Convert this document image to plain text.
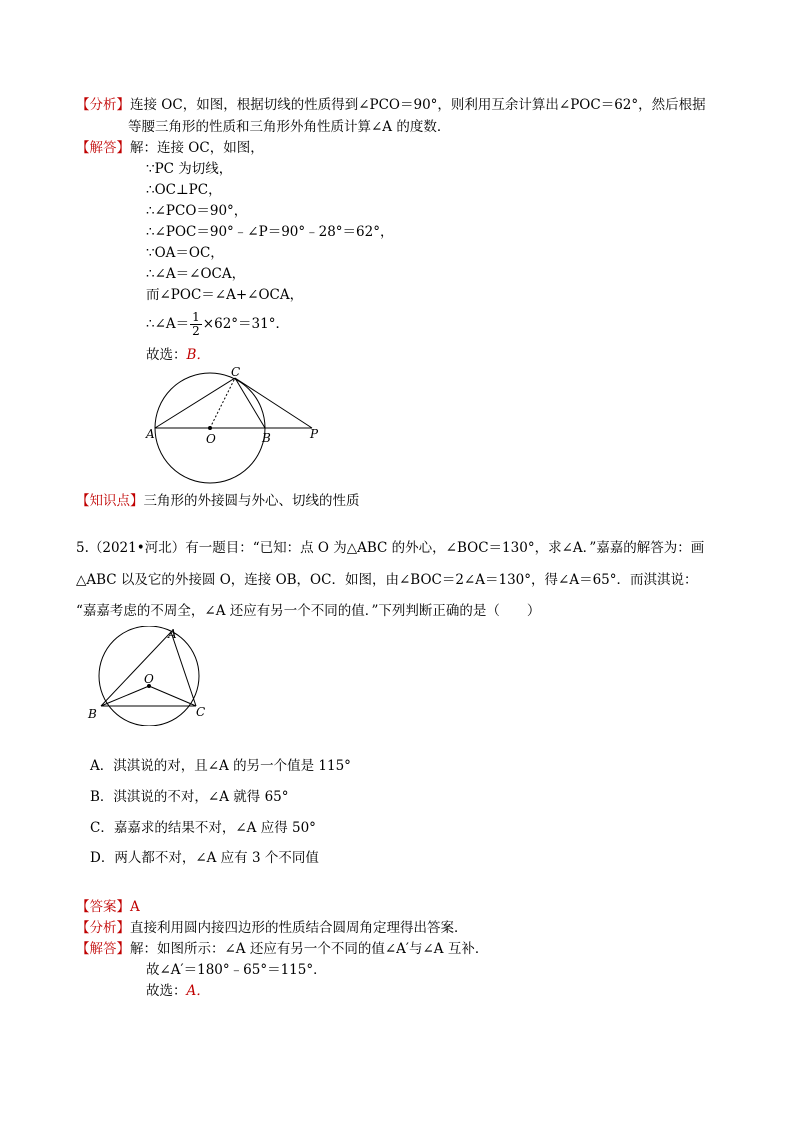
【分析】连接 OC，如图，根据切线的性质得到∠PCO＝90°，则利用互余计算出∠POC＝62°，然后根据
等腰三角形的性质和三角形外角性质计算∠A 的度数．
【解答】解：连接 OC，如图，
∵PC 为切线，
∴OC⊥PC，
∴∠PCO＝90°，
∴∠POC＝90°﹣∠P＝90°﹣28°＝62°，
∵OA＝OC，
∴∠A＝∠OCA，
而∠POC＝∠A+∠OCA，
∴∠A＝ $\frac{1}{2} \times 62^\circ=31^\circ$．
故选：B．
A	O	B	P
C
【知识点】三角形的外接圆与外心、切线的性质
5.（2021•河北）有一题目：“已知：点 O 为△ABC 的外心，∠BOC＝130°，求∠A．”嘉嘉的解答为：画
△ABC 以及它的外接圆 O，连接 OB，OC．如图，由∠BOC＝2∠A＝130°，得∠A＝65°．而淇淇说：
“嘉嘉考虑的不周全，∠A 还应有另一个不同的值．”下列判断正确的是（　　）
A
O
B	C
A．淇淇说的对，且∠A 的另一个值是 115°
B．淇淇说的不对，∠A 就得 65°
C．嘉嘉求的结果不对，∠A 应得 50°
D．两人都不对，∠A 应有 3 个不同值
【答案】A
【分析】直接利用圆内接四边形的性质结合圆周角定理得出答案．
【解答】解：如图所示：∠A 还应有另一个不同的值∠A′与∠A 互补．
故∠A′＝180°﹣65°＝115°．
故选：A．
